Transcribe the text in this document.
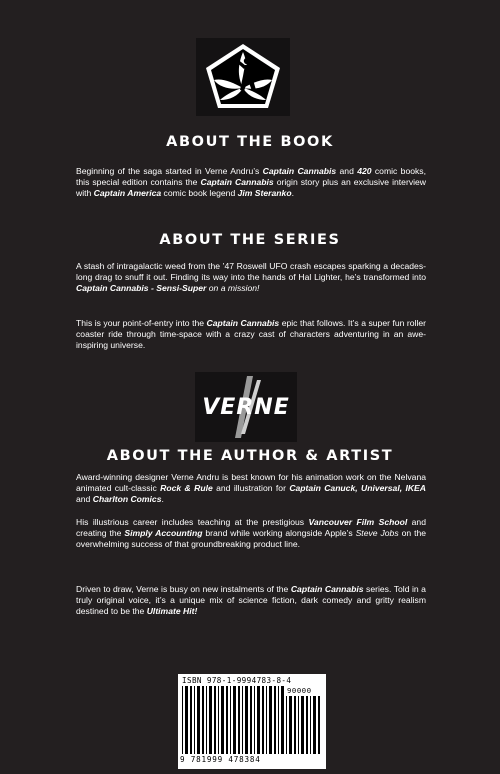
ABOUT THE BOOK

Beginning of the saga started in Verne Andru’s Captain Cannabis and 420 comic books, this special edition contains the Captain Cannabis origin story plus an exclusive interview with Captain America comic book legend Jim Steranko.

ABOUT THE SERIES

A stash of intragalactic weed from the ’47 Roswell UFO crash escapes sparking a decades-long drag to snuff it out. Finding its way into the hands of Hal Lighter, he’s transformed into Captain Cannabis - Sensi-Super on a mission!

This is your point-of-entry into the Captain Cannabis epic that follows. It’s a super fun roller coaster ride through time-space with a crazy cast of characters adventuring in an awe-inspiring universe.

VERNE
ABOUT THE AUTHOR & ARTIST

Award-winning designer Verne Andru is best known for his animation work on the Nelvana animated cult-classic Rock & Rule and illustration for Captain Canuck, Universal, IKEA and Charlton Comics.

His illustrious career includes teaching at the prestigious Vancouver Film School and creating the Simply Accounting brand while working alongside Apple’s Steve Jobs on the overwhelming success of that groundbreaking product line.

Driven to draw, Verne is busy on new instalments of the Captain Cannabis series. Told in a truly original voice, it’s a unique mix of science fiction, dark comedy and gritty realism destined to be the Ultimate Hit!

ISBN 978-1-9994783-8-4
90000
9 781999 478384
